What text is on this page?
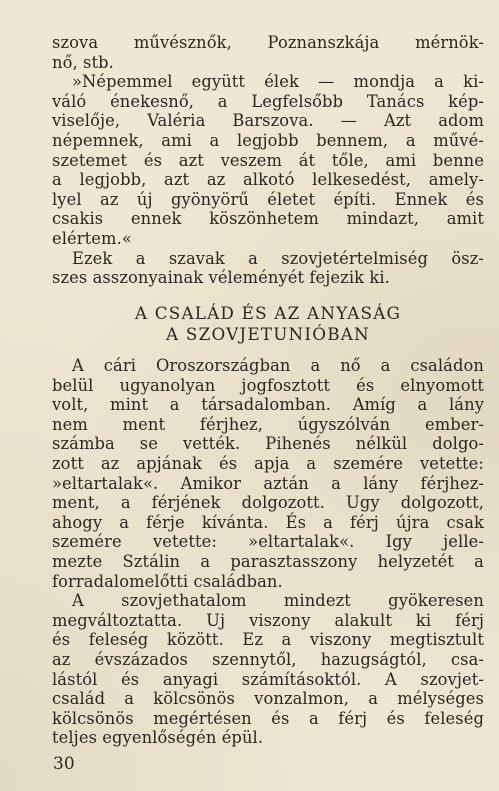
szova művésznők, Poznanszkája mérnök-

nő, stb.

»Népemmel együtt élek — mondja a ki-

váló énekesnő, a Legfelsőbb Tanács kép-

viselője, Valéria Barszova. — Azt adom

népemnek, ami a legjobb bennem, a művé-

szetemet és azt veszem át tőle, ami benne

a legjobb, azt az alkotó lelkesedést, amely-

lyel az új gyönyörű életet építi. Ennek és

csakis ennek köszönhetem mindazt, amit

elértem.«

Ezek a szavak a szovjetértelmiség ösz-

szes asszonyainak véleményét fejezik ki.

A CSALÁD ÉS AZ ANYASÁG
A SZOVJETUNIÓBAN

A cári Oroszországban a nő a családon

belül ugyanolyan jogfosztott és elnyomott

volt, mint a társadalomban. Amíg a lány

nem ment férjhez, úgyszólván ember-

számba se vették. Pihenés nélkül dolgo-

zott az apjának és apja a szemére vetette:

»eltartalak«. Amikor aztán a lány férjhez-

ment, a férjének dolgozott. Ugy dolgozott,

ahogy a férje kívánta. És a férj újra csak

szemére vetette: »eltartalak«. Igy jelle-

mezte Sztálin a parasztasszony helyzetét a

forradalomelőtti családban.

A szovjethatalom mindezt gyökeresen

megváltoztatta. Uj viszony alakult ki férj

és feleség között. Ez a viszony megtisztult

az évszázados szennytől, hazugságtól, csa-

lástól és anyagi számításoktól. A szovjet-

család a kölcsönös vonzalmon, a mélységes

kölcsönös megértésen és a férj és feleség

teljes egyenlőségén épül.

30
